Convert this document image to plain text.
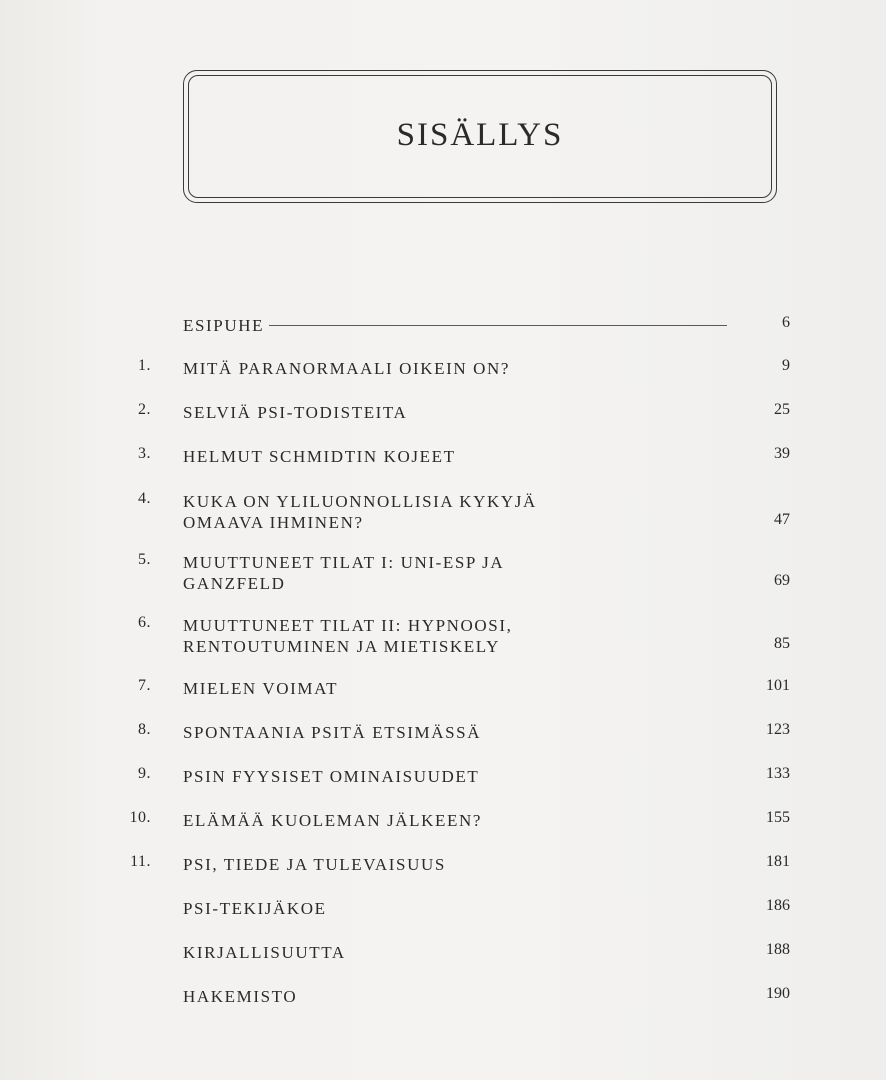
SISÄLLYS
ESIPUHE	6
1. MITÄ PARANORMAALI OIKEIN ON?	9
2. SELVIÄ PSI-TODISTEITA	25
3. HELMUT SCHMIDTIN KOJEET	39
4. KUKA ON YLILUONNOLLISIA KYKYJÄ
OMAAVA IHMINEN?	47
5. MUUTTUNEET TILAT I: UNI-ESP JA
GANZFELD	69
6. MUUTTUNEET TILAT II: HYPNOOSI,
RENTOUTUMINEN JA MIETISKELY	85
7. MIELEN VOIMAT	101
8. SPONTAANIA PSITÄ ETSIMÄSSÄ	123
9. PSIN FYYSISET OMINAISUUDET	133
10. ELÄMÄÄ KUOLEMAN JÄLKEEN?	155
11. PSI, TIEDE JA TULEVAISUUS	181
PSI-TEKIJÄKOE	186
KIRJALLISUUTTA	188
HAKEMISTO	190
